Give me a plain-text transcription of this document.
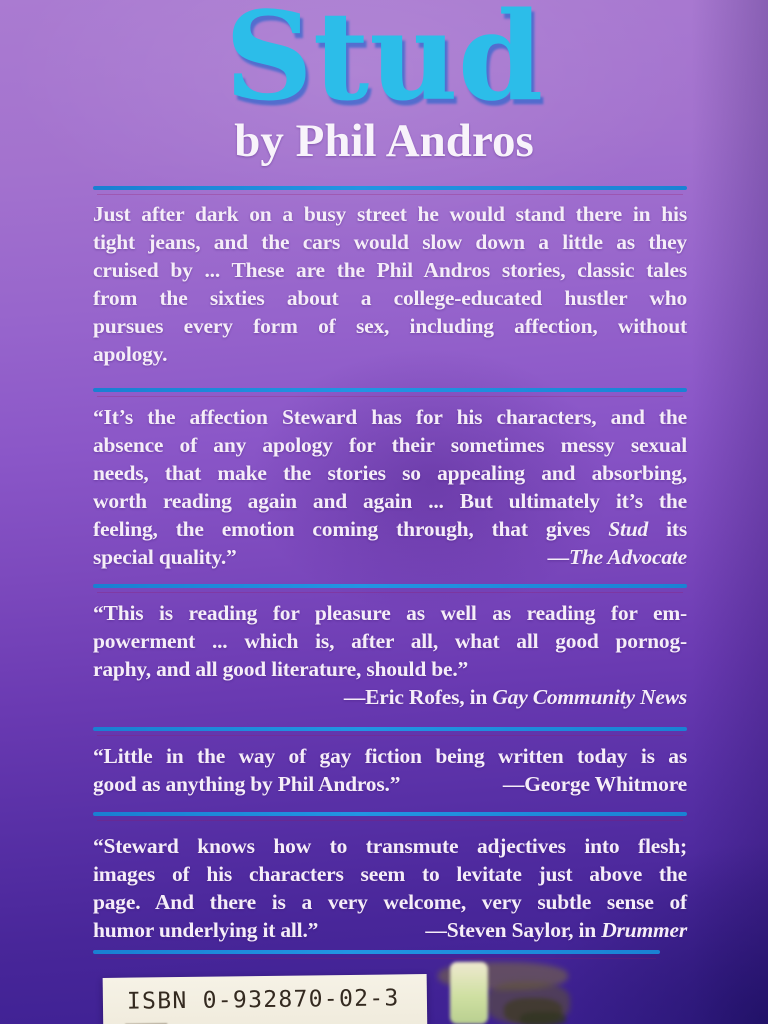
Stud
by Phil Andros
Just after dark on a busy street he would stand there in his
tight jeans, and the cars would slow down a little as they
cruised by ... These are the Phil Andros stories, classic tales
from the sixties about a college-educated hustler who
pursues every form of sex, including affection, without
apology.
“It’s the affection Steward has for his characters, and the
absence of any apology for their sometimes messy sexual
needs, that make the stories so appealing and absorbing,
worth reading again and again ... But ultimately it’s the
feeling, the emotion coming through, that gives Stud its
special quality.”	—The Advocate
“This is reading for pleasure as well as reading for em-
powerment ... which is, after all, what all good pornog-
raphy, and all good literature, should be.”
—Eric Rofes, in Gay Community News
“Little in the way of gay fiction being written today is as
good as anything by Phil Andros.”	—George Whitmore
“Steward knows how to transmute adjectives into flesh;
images of his characters seem to levitate just above the
page. And there is a very welcome, very subtle sense of
humor underlying it all.”	—Steven Saylor, in Drummer
ISBN 0-932870-02-3
